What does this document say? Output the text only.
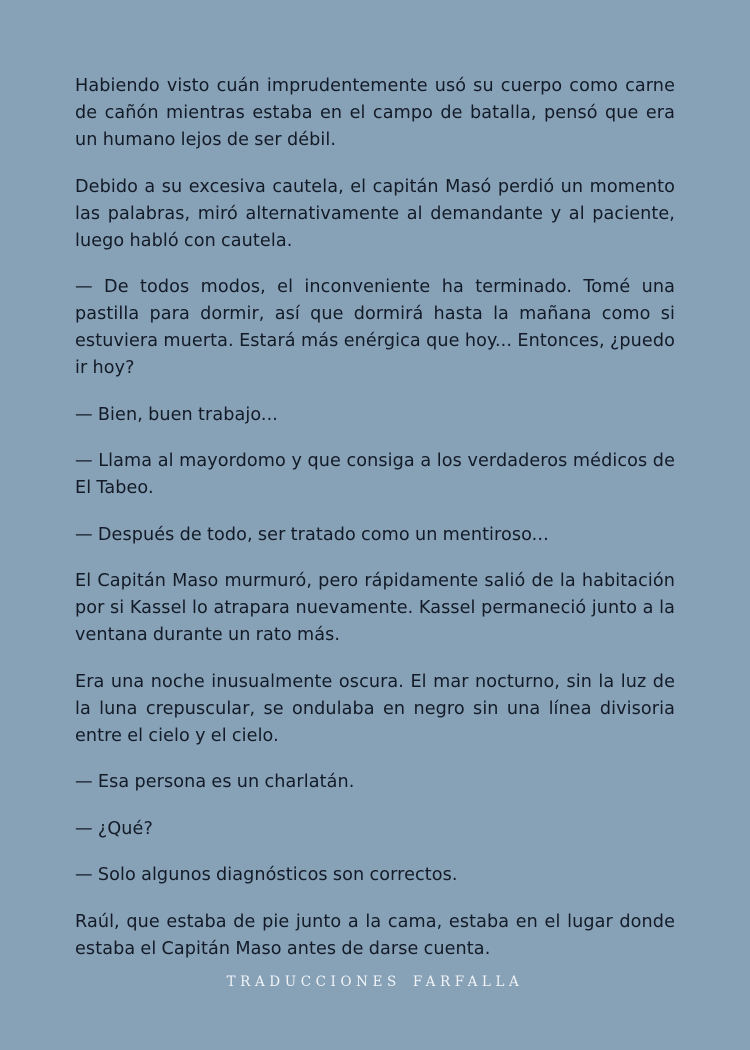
Habiendo visto cuán imprudentemente usó su cuerpo como carne de cañón mientras estaba en el campo de batalla, pensó que era un humano lejos de ser débil.

Debido a su excesiva cautela, el capitán Masó perdió un momento las palabras, miró alternativamente al demandante y al paciente, luego habló con cautela.

— De todos modos, el inconveniente ha terminado. Tomé una pastilla para dormir, así que dormirá hasta la mañana como si estuviera muerta. Estará más enérgica que hoy... Entonces, ¿puedo ir hoy?

— Bien, buen trabajo...

— Llama al mayordomo y que consiga a los verdaderos médicos de El Tabeo.

— Después de todo, ser tratado como un mentiroso...

El Capitán Maso murmuró, pero rápidamente salió de la habitación por si Kassel lo atrapara nuevamente. Kassel permaneció junto a la ventana durante un rato más.

Era una noche inusualmente oscura. El mar nocturno, sin la luz de la luna crepuscular, se ondulaba en negro sin una línea divisoria entre el cielo y el cielo.

— Esa persona es un charlatán.

— ¿Qué?

— Solo algunos diagnósticos son correctos.

Raúl, que estaba de pie junto a la cama, estaba en el lugar donde estaba el Capitán Maso antes de darse cuenta.

TRADUCCIONES FARFALLA
